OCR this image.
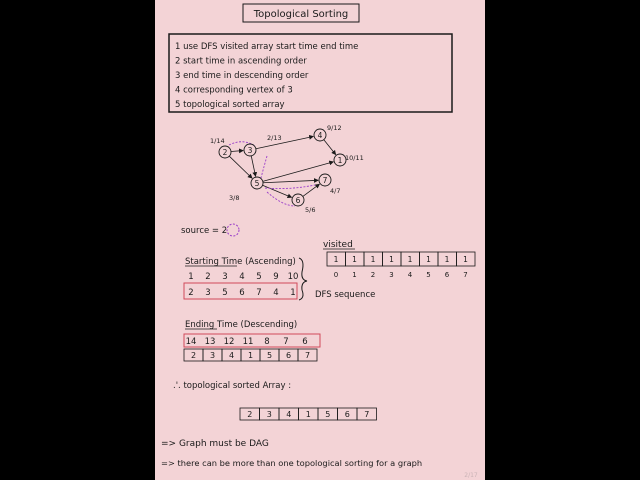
Topological Sorting
1 use DFS visited array start time end time
2 start time in ascending order
3 end time in descending order
4 corresponding vertex of 3
5 topological sorted array
2
1/14
3
2/13	4
9/12
1 10/11
5
3/8	6
5/6
7
4/7
source = 2
visited
1
0
1
1
1
2
1
3
1
4
1
5
1
6
1
7
Starting Time (Ascending)
1 2 3 4 5 9 10
2 3 5 6 7 4 1 DFS sequence
Ending Time (Descending)
14 13 12 11 8 7 6
2 3 4 1 5 6 7
.'. topological sorted Array :
2 3 4 1 5 6 7
=> Graph must be DAG
=> there can be more than one topological sorting for a graph
2/17
